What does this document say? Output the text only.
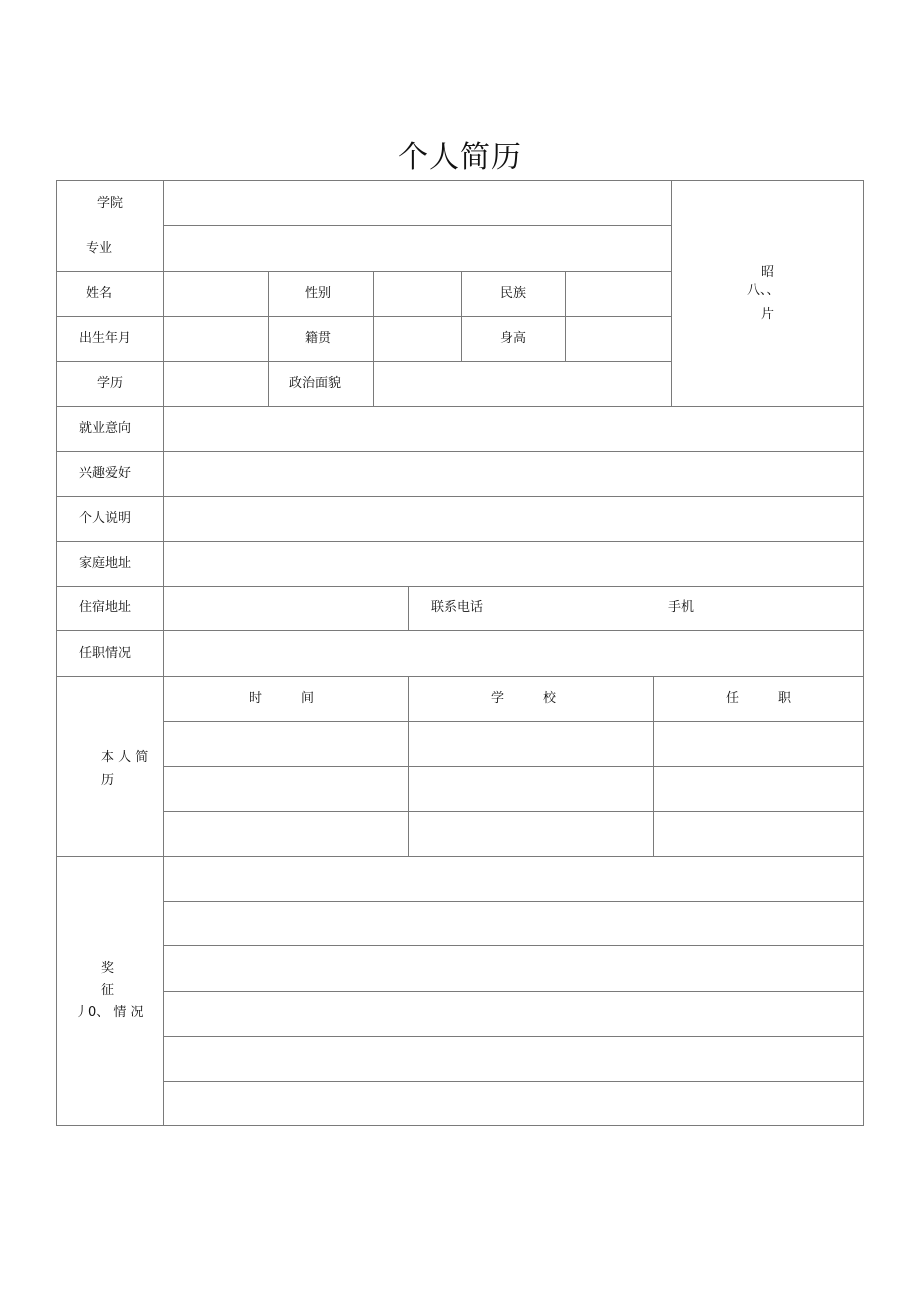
个人简历
学院
专业
姓名	性别	民族
出生年月	籍贯	身高
学历	政治面貌
昭
八、、
片
就业意向
兴趣爱好
个人说明
家庭地址
住宿地址	联系电话	手机
任职情况
本 人 简
历
时　　　间	学　　　校	任　　　职
奖
征
丿0、 情 况
